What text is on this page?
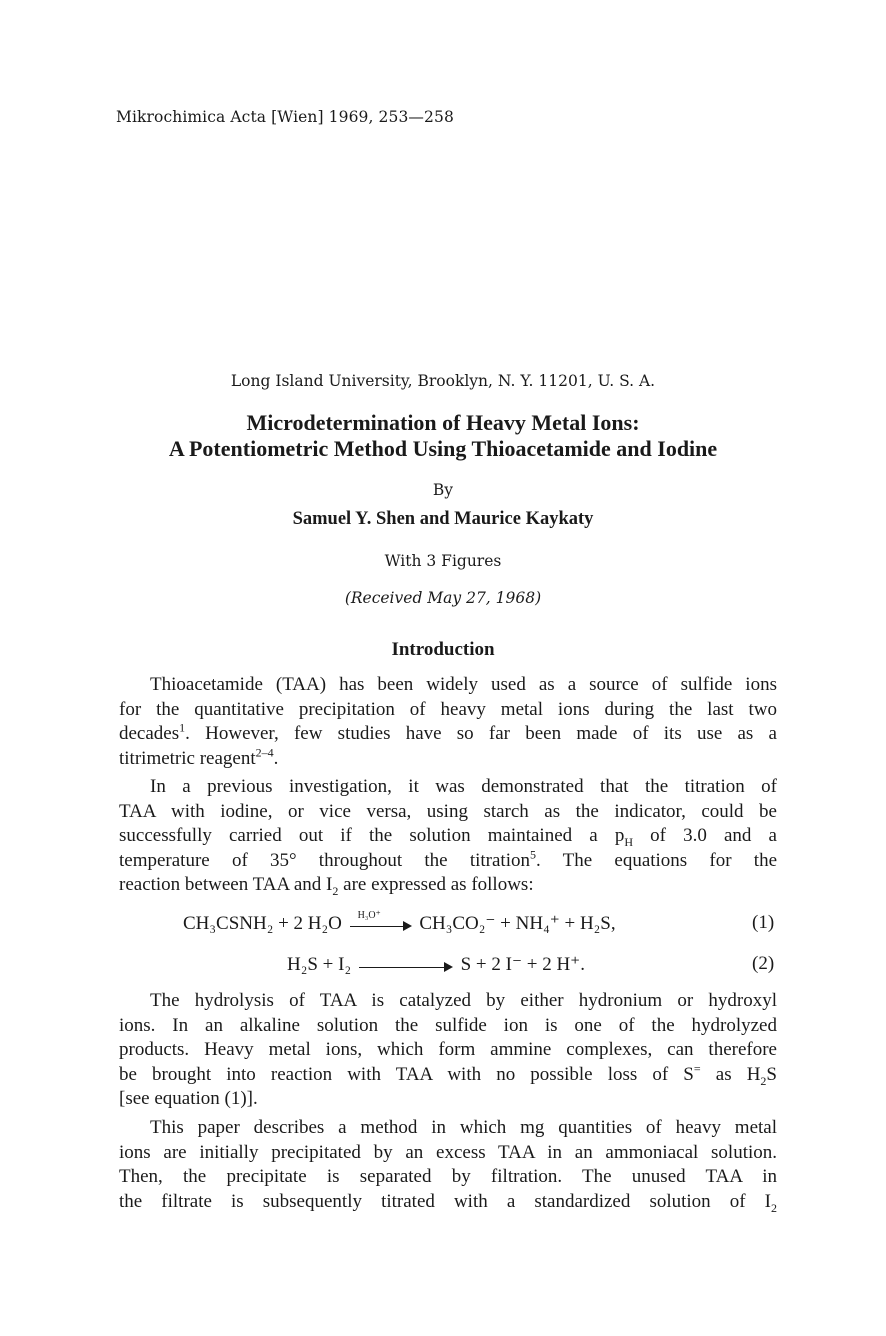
Mikrochimica Acta [Wien] 1969, 253—258
Long Island University, Brooklyn, N. Y. 11201, U. S. A.
Microdetermination of Heavy Metal Ions:
A Potentiometric Method Using Thioacetamide and Iodine
By
Samuel Y. Shen and Maurice Kaykaty
With 3 Figures
(Received May 27, 1968)
Introduction
Thioacetamide (TAA) has been widely used as a source of sulfide ions
for the quantitative precipitation of heavy metal ions during the last two
decades$^1$. However, few studies have so far been made of its use as a
titrimetric reagent$^{2-4}$.
In a previous investigation, it was demonstrated that the titration of
TAA with iodine, or vice versa, using starch as the indicator, could be
successfully carried out if the solution maintained a $p_H$ of 3.0 and a
temperature of 35° throughout the titration$^5$. The equations for the
reaction between TAA and $I_2$ are expressed as follows:
CH₃CSNH₂ + 2 H₂O H₃O⁺ CH₃CO₂⁻ + NH₄⁺ + H₂S,	(1)
H₂S + I₂	S + 2 I⁻ + 2 H⁺.	(2)
The hydrolysis of TAA is catalyzed by either hydronium or hydroxyl
ions. In an alkaline solution the sulfide ion is one of the hydrolyzed
products. Heavy metal ions, which form ammine complexes, can therefore
be brought into reaction with TAA with no possible loss of S= as $H_2S$
[see equation (1)].
This paper describes a method in which mg quantities of heavy metal
ions are initially precipitated by an excess TAA in an ammoniacal solution.
Then, the precipitate is separated by filtration. The unused TAA in
the filtrate is subsequently titrated with a standardized solution of $I_2$
